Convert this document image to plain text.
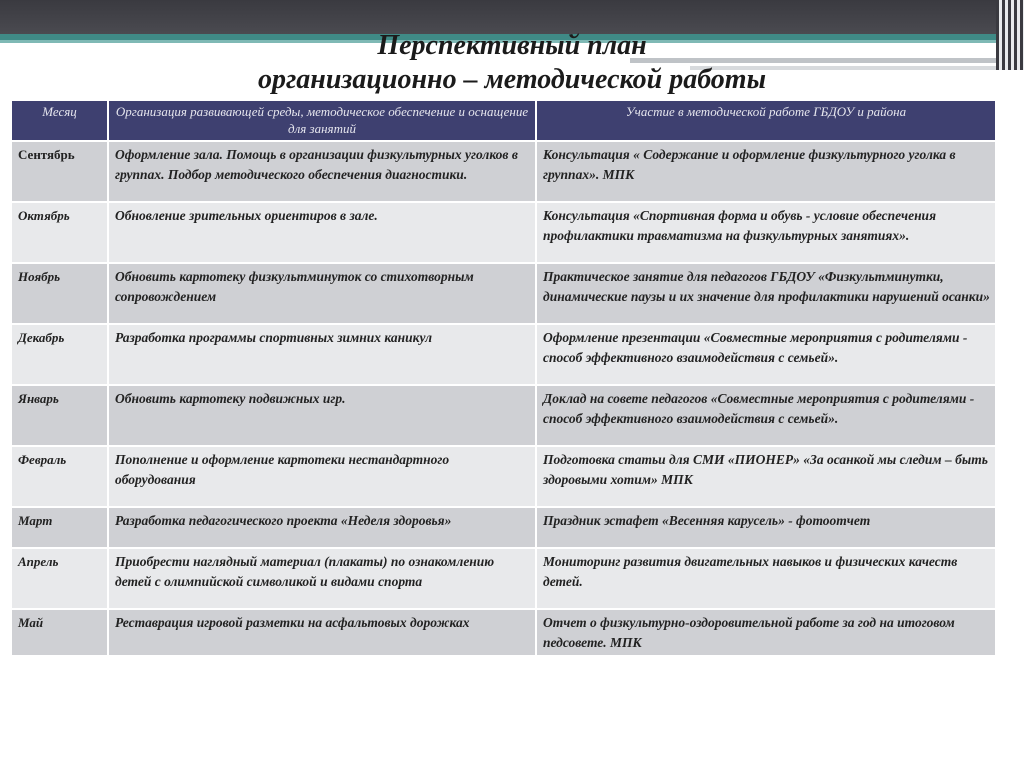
Перспективный план
организационно – методической работы
Месяц	Организация развивающей среды, методическое обеспечение и оснащение для занятий	Участие в методической работе ГБДОУ и района
Сентябрь	Оформление зала. Помощь в организации физкультурных уголков в группах. Подбор методического обеспечения диагностики.	Консультация « Содержание и оформление физкультурного уголка в группах». МПК
Октябрь	Обновление зрительных ориентиров в зале.	Консультация «Спортивная форма и обувь - условие обеспечения профилактики травматизма на физкультурных занятиях».
Ноябрь	Обновить картотеку физкультминуток со стихотворным сопровождением	Практическое занятие для педагогов ГБДОУ «Физкультминутки, динамические паузы и их значение для профилактики нарушений осанки»
Декабрь	Разработка программы спортивных зимних каникул	Оформление презентации «Совместные мероприятия с родителями - способ эффективного взаимодействия с семьей».
Январь	Обновить картотеку подвижных игр.	Доклад на совете педагогов «Совместные мероприятия с родителями - способ эффективного взаимодействия с семьей».
Февраль	Пополнение и оформление картотеки нестандартного оборудования	Подготовка статьи для СМИ «ПИОНЕР» «За осанкой мы следим – быть здоровыми хотим» МПК
Март	Разработка педагогического проекта «Неделя здоровья»	Праздник эстафет «Весенняя карусель» - фотоотчет
Апрель	Приобрести наглядный материал (плакаты) по ознакомлению детей с олимпийской символикой и видами спорта	Мониторинг развития двигательных навыков и физических качеств детей.
Май	Реставрация игровой разметки на асфальтовых дорожках	Отчет о физкультурно-оздоровительной работе за год на итоговом педсовете. МПК
